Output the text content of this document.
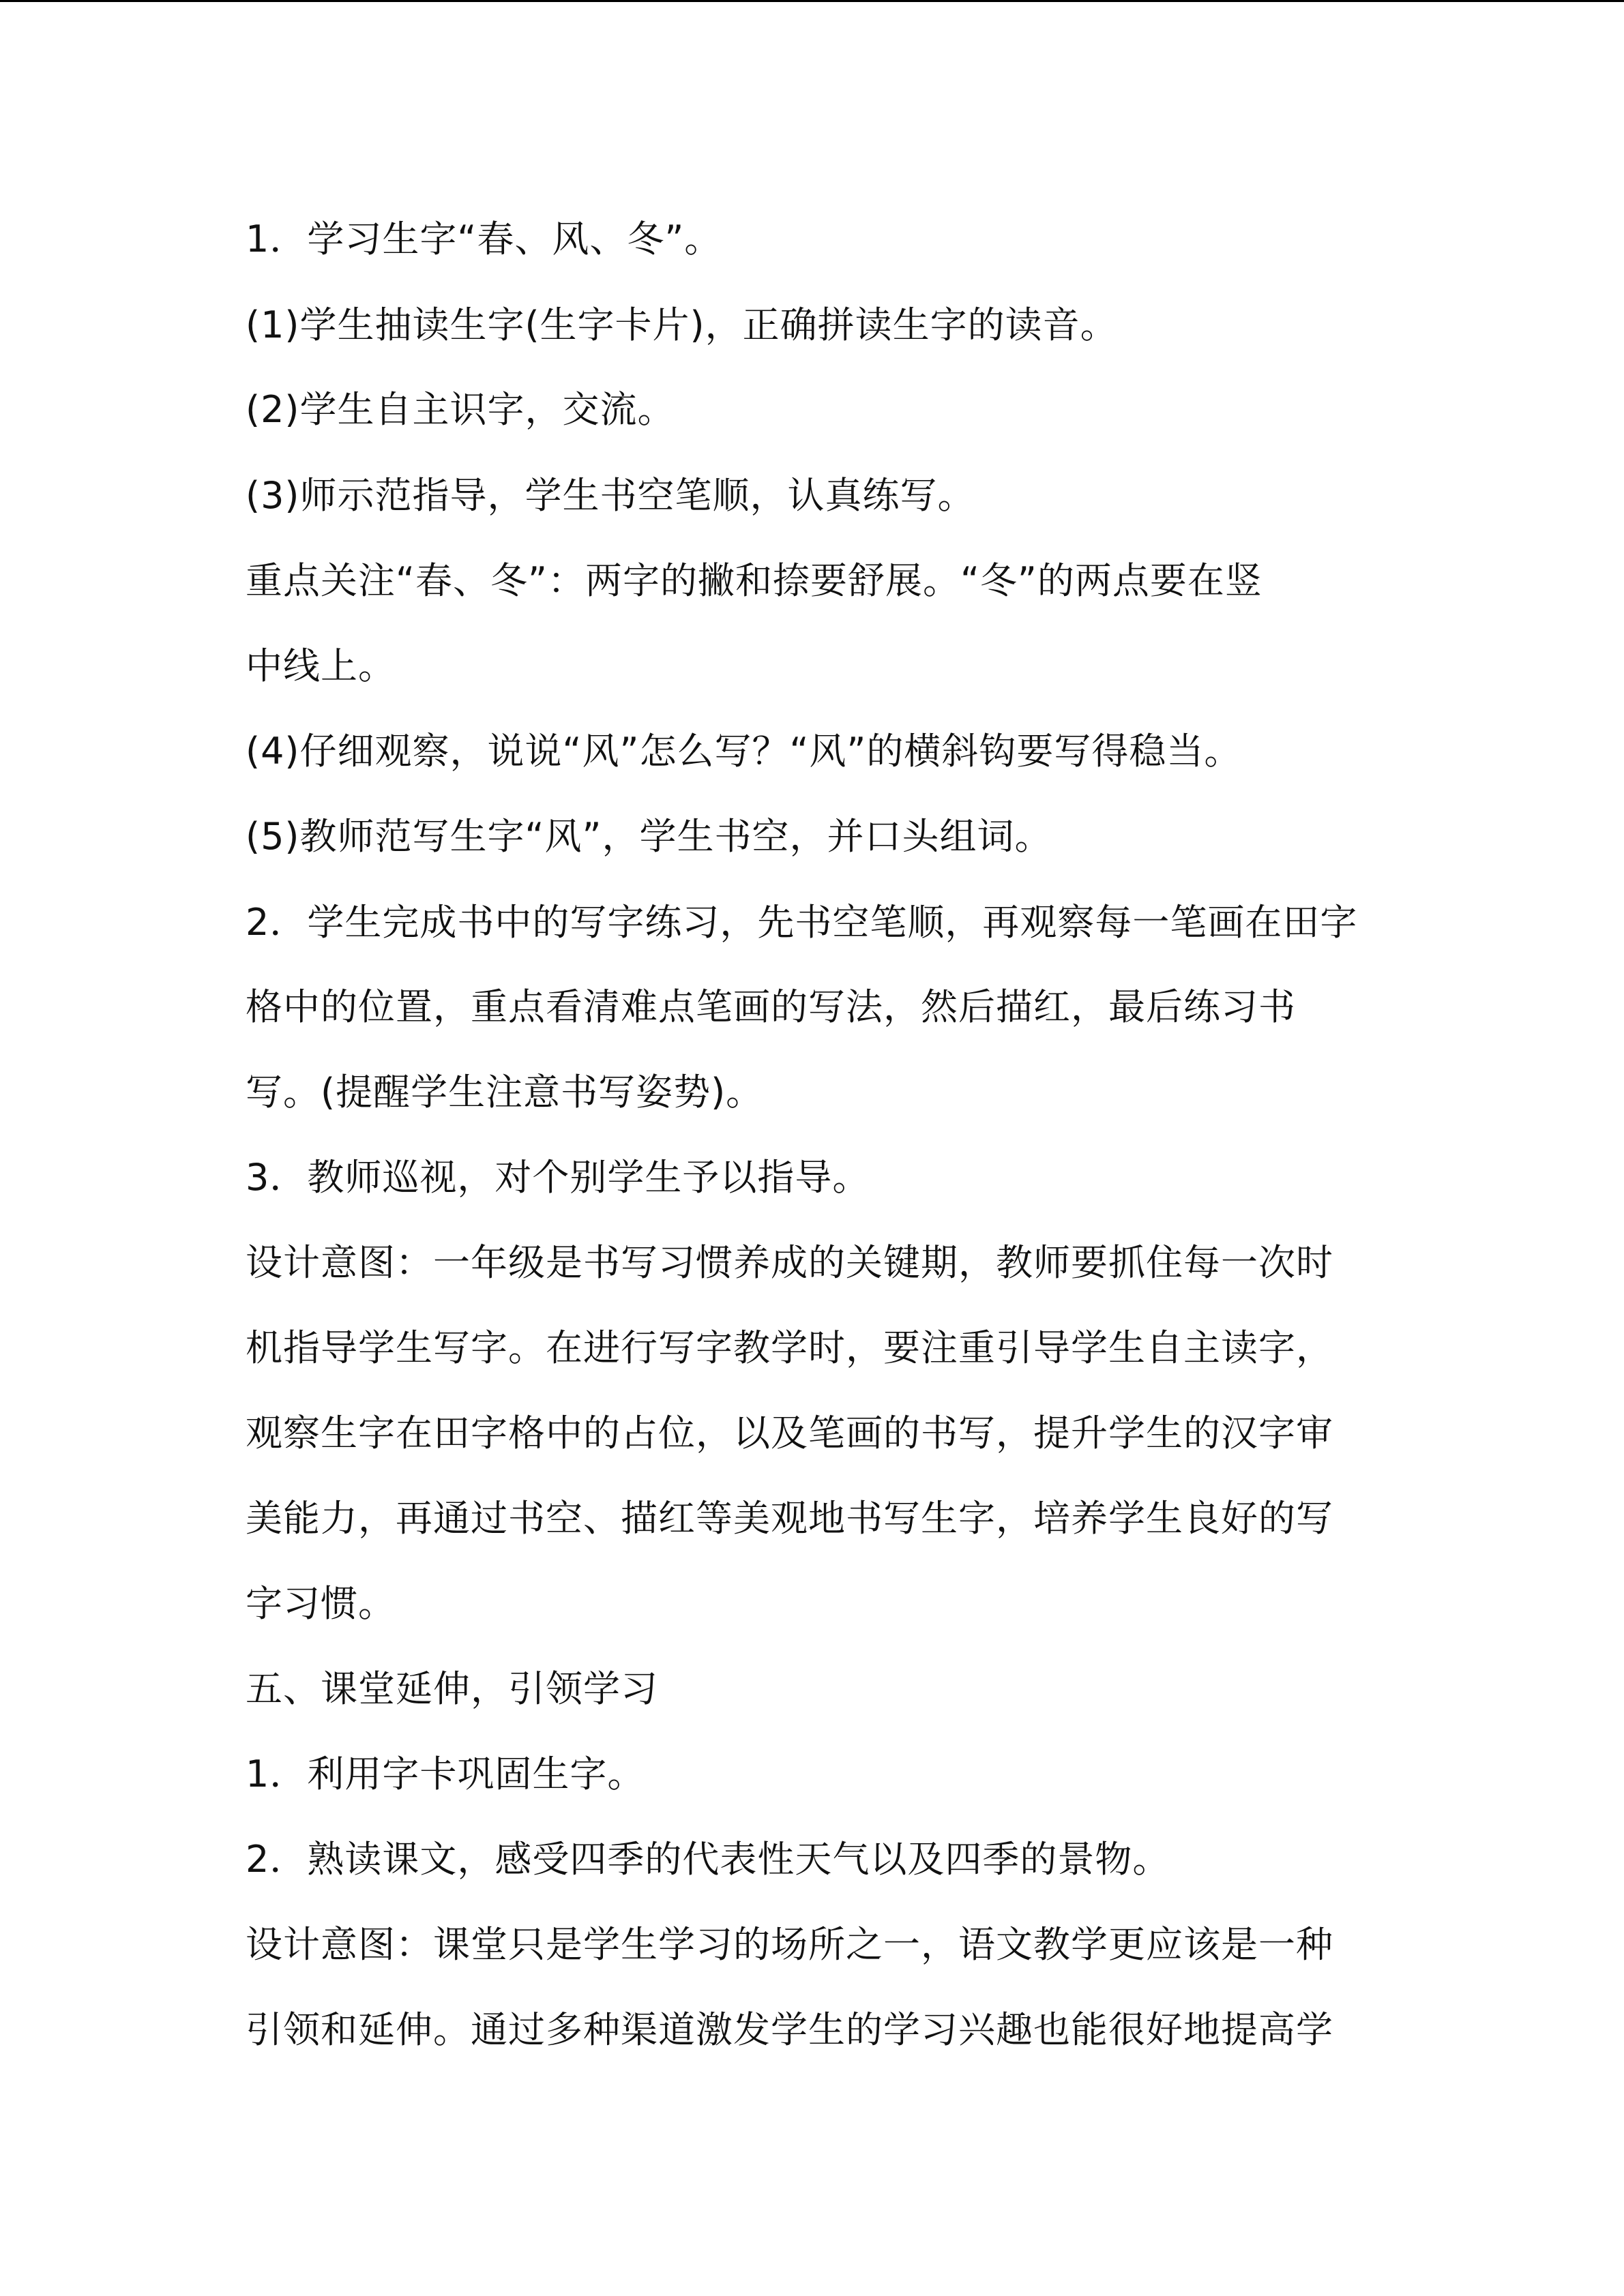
1．学习生字“春、风、冬”。

(1)学生抽读生字(生字卡片)，正确拼读生字的读音。

(2)学生自主识字，交流。

(3)师示范指导，学生书空笔顺，认真练写。

重点关注“春、冬”：两字的撇和捺要舒展。“冬”的两点要在竖

中线上。

(4)仔细观察，说说“风”怎么写？“风”的横斜钩要写得稳当。

(5)教师范写生字“风”，学生书空，并口头组词。

2．学生完成书中的写字练习，先书空笔顺，再观察每一笔画在田字

格中的位置，重点看清难点笔画的写法，然后描红，最后练习书

写。(提醒学生注意书写姿势)。

3．教师巡视，对个别学生予以指导。

设计意图：一年级是书写习惯养成的关键期，教师要抓住每一次时

机指导学生写字。在进行写字教学时，要注重引导学生自主读字，

观察生字在田字格中的占位，以及笔画的书写，提升学生的汉字审

美能力，再通过书空、描红等美观地书写生字，培养学生良好的写

字习惯。

五、课堂延伸，引领学习

1．利用字卡巩固生字。

2．熟读课文，感受四季的代表性天气以及四季的景物。

设计意图：课堂只是学生学习的场所之一，语文教学更应该是一种

引领和延伸。通过多种渠道激发学生的学习兴趣也能很好地提高学
